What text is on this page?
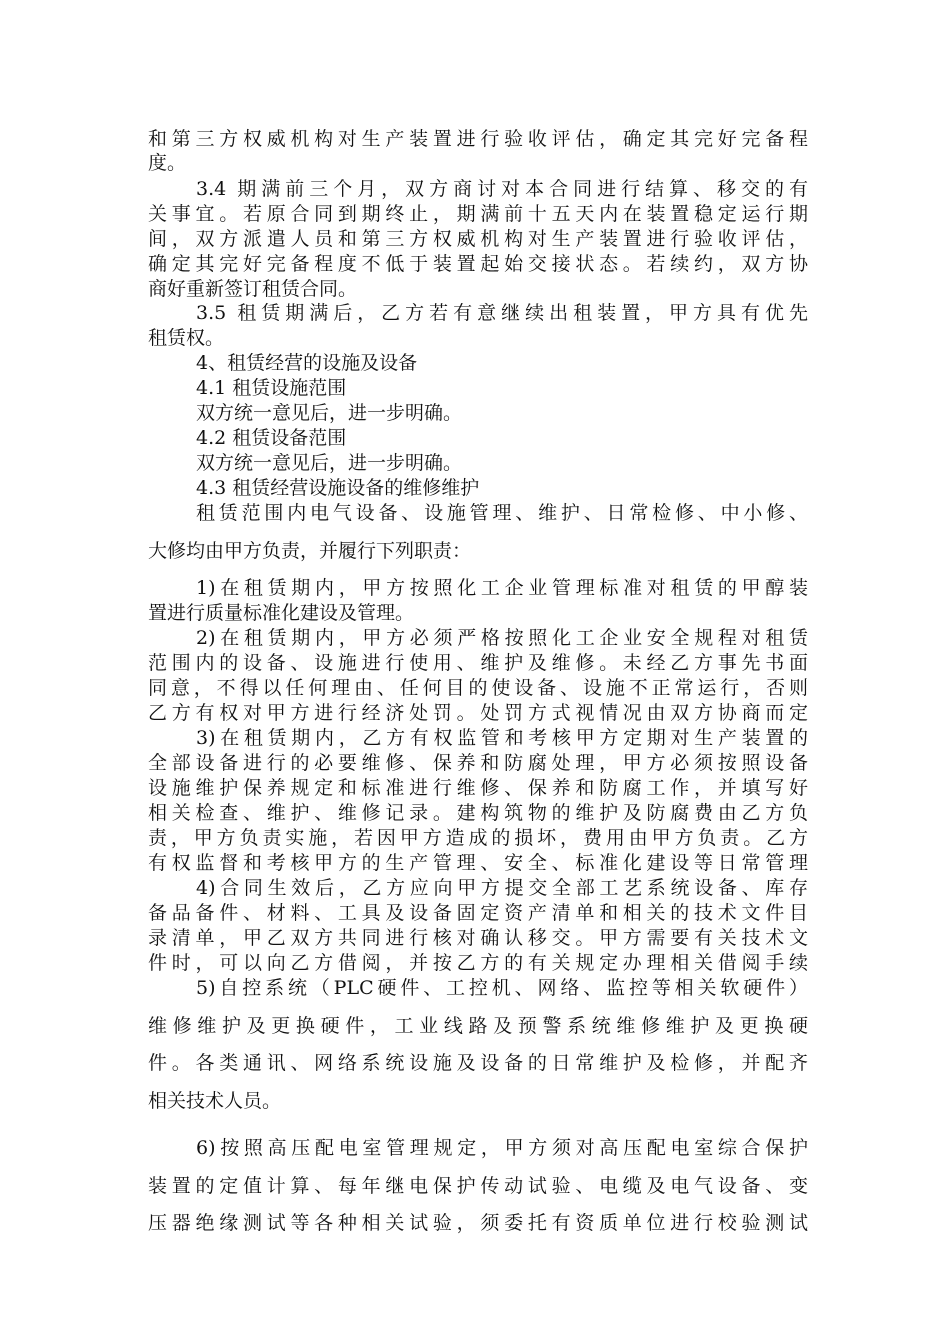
和第三方权威机构对生产装置进行验收评估，确定其完好完备程
度。
3.4 期满前三个月，双方商讨对本合同进行结算、移交的有
关事宜。若原合同到期终止，期满前十五天内在装置稳定运行期
间，双方派遣人员和第三方权威机构对生产装置进行验收评估，
确定其完好完备程度不低于装置起始交接状态。若续约，双方协
商好重新签订租赁合同。
3.5 租赁期满后，乙方若有意继续出租装置，甲方具有优先
租赁权。
4、租赁经营的设施及设备
4.1 租赁设施范围
双方统一意见后，进一步明确。
4.2 租赁设备范围
双方统一意见后，进一步明确。
4.3 租赁经营设施设备的维修维护
租赁范围内电气设备、设施管理、维护、日常检修、中小修、
大修均由甲方负责，并履行下列职责：
1)在租赁期内，甲方按照化工企业管理标准对租赁的甲醇装
置进行质量标准化建设及管理。
2)在租赁期内，甲方必须严格按照化工企业安全规程对租赁
范围内的设备、设施进行使用、维护及维修。未经乙方事先书面
同意，不得以任何理由、任何目的使设备、设施不正常运行，否则
乙方有权对甲方进行经济处罚。处罚方式视情况由双方协商而定
3)在租赁期内，乙方有权监管和考核甲方定期对生产装置的
全部设备进行的必要维修、保养和防腐处理，甲方必须按照设备
设施维护保养规定和标准进行维修、保养和防腐工作，并填写好
相关检查、维护、维修记录。建构筑物的维护及防腐费由乙方负
责，甲方负责实施，若因甲方造成的损坏，费用由甲方负责。乙方
有权监督和考核甲方的生产管理、安全、标准化建设等日常管理
4)合同生效后，乙方应向甲方提交全部工艺系统设备、库存
备品备件、材料、工具及设备固定资产清单和相关的技术文件目
录清单，甲乙双方共同进行核对确认移交。甲方需要有关技术文
件时，可以向乙方借阅，并按乙方的有关规定办理相关借阅手续
5)自控系统（PLC硬件、工控机、网络、监控等相关软硬件）
维修维护及更换硬件，工业线路及预警系统维修维护及更换硬
件。各类通讯、网络系统设施及设备的日常维护及检修，并配齐
相关技术人员。
6)按照高压配电室管理规定，甲方须对高压配电室综合保护
装置的定值计算、每年继电保护传动试验、电缆及电气设备、变
压器绝缘测试等各种相关试验，须委托有资质单位进行校验测试
